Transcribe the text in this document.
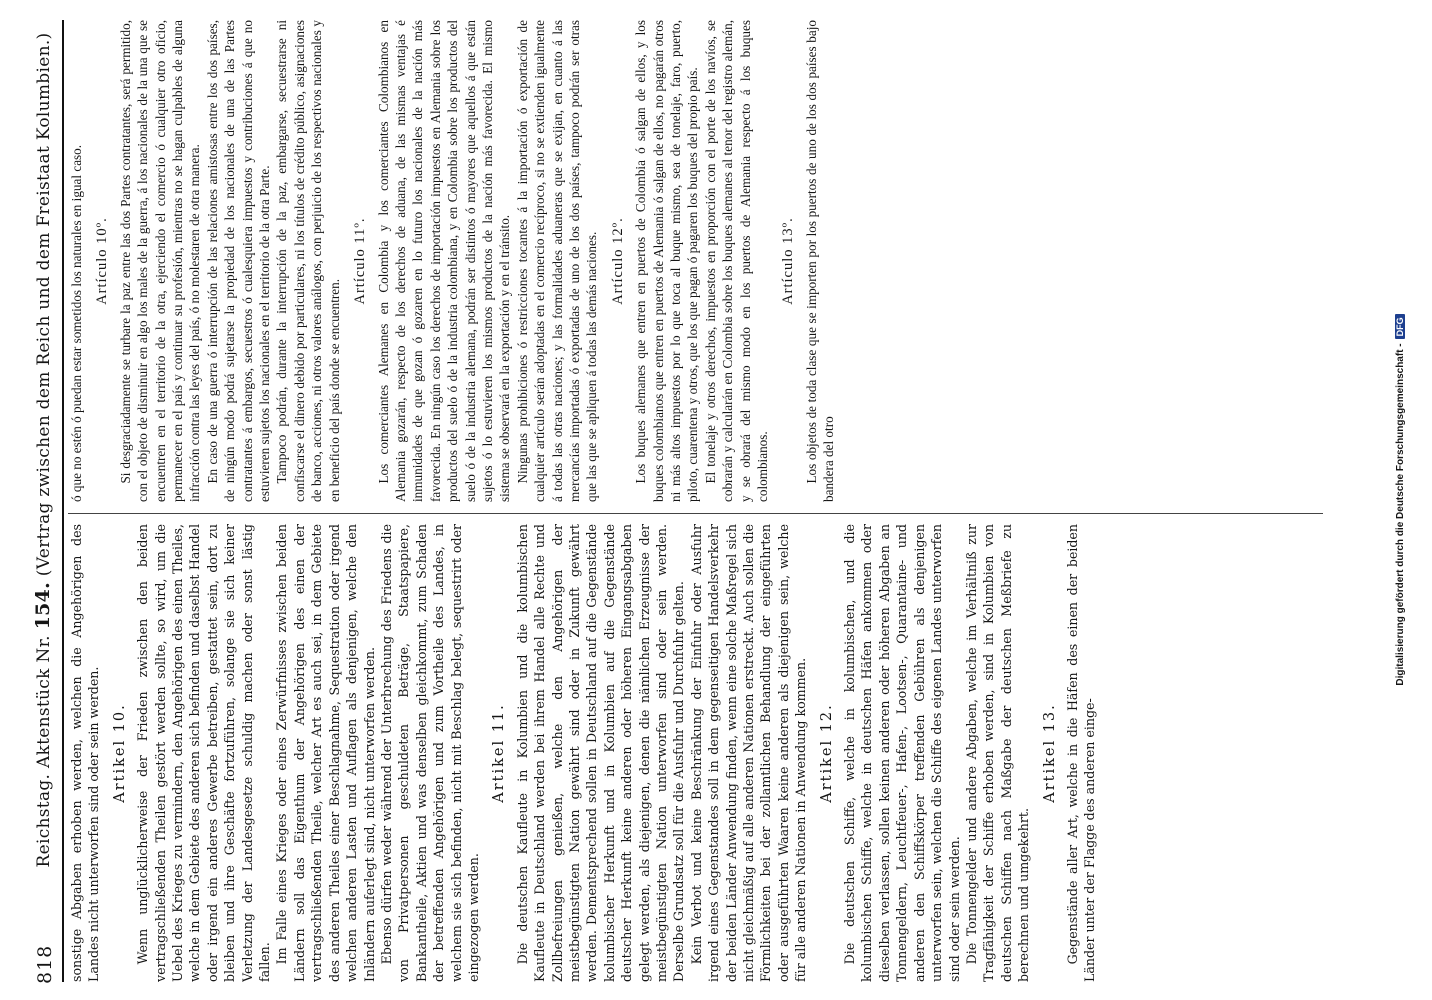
818
Reichstag. Aktenstück Nr. 154. (Vertrag zwischen dem Reich und dem Freistaat Kolumbien.)

sonstige Abgaben erhoben werden, welchen die Angehörigen des Landes nicht unterworfen sind oder sein werden. Artikel 10. Wenn unglücklicherweise der Frieden zwischen den beiden vertragschließenden Theilen gestört werden sollte, so wird, um die Uebel des Krieges zu vermindern, den Angehörigen des einen Theiles, welche in dem Gebiete des anderen sich befinden und daselbst Handel oder irgend ein anderes Gewerbe betreiben, gestattet sein, dort zu bleiben und ihre Geschäfte fortzuführen, solange sie sich keiner Verletzung der Landesgesetze schuldig machen oder sonst lästig fallen. Im Falle eines Krieges oder eines Zerwürfnisses zwischen beiden Ländern soll das Eigenthum der Angehörigen des einen der vertragschließenden Theile, welcher Art es auch sei, in dem Gebiete des anderen Theiles einer Beschlagnahme, Sequestration oder irgend welchen anderen Lasten und Auflagen als denjenigen, welche den Inländern auferlegt sind, nicht unterworfen werden. Ebenso dürfen weder während der Unterbrechung des Friedens die von Privatpersonen geschuldeten Beträge, Staatspapiere, Bankantheile, Aktien und was denselben gleichkommt, zum Schaden der betreffenden Angehörigen und zum Vortheile des Landes, in welchem sie sich befinden, nicht mit Beschlag belegt, sequestrirt oder eingezogen werden.

Artikel 11. Die deutschen Kaufleute in Kolumbien und die kolumbischen Kaufleute in Deutschland werden bei ihrem Handel alle Rechte und Zollbefreiungen genießen, welche den Angehörigen der meistbegünstigten Nation gewährt sind oder in Zukunft gewährt werden. Dementsprechend sollen in Deutschland auf die Gegenstände kolumbischer Herkunft und in Kolumbien auf die Gegenstände deutscher Herkunft keine anderen oder höheren Eingangsabgaben gelegt werden, als diejenigen, denen die nämlichen Erzeugnisse der meistbegünstigten Nation unterworfen sind oder sein werden. Derselbe Grundsatz soll für die Ausfuhr und Durchfuhr gelten. Kein Verbot und keine Beschränkung der Einfuhr oder Ausfuhr irgend eines Gegenstandes soll in dem gegenseitigen Handelsverkehr der beiden Länder Anwendung finden, wenn eine solche Maßregel sich nicht gleichmäßig auf alle anderen Nationen erstreckt. Auch sollen die Förmlichkeiten bei der zollamtlichen Behandlung der eingeführten oder ausgeführten Waaren keine anderen als diejenigen sein, welche für alle anderen Nationen in Anwendung kommen. Artikel 12. Die deutschen Schiffe, welche in kolumbischen, und die kolumbischen Schiffe, welche in deutschen Häfen ankommen oder dieselben verlassen, sollen keinen anderen oder höheren Abgaben an Tonnengeldern, Leuchtfeuer-, Hafen-, Lootsen-, Quarantaine- und anderen den Schiffskörper treffenden Gebühren als denjenigen unterworfen sein, welchen die Schiffe des eigenen Landes unterworfen sind oder sein werden. Die Tonnengelder und andere Abgaben, welche im Verhältniß zur Tragfähigkeit der Schiffe erhoben werden, sind in Kolumbien von deutschen Schiffen nach Maßgabe der deutschen Meßbriefe zu berechnen und umgekehrt.

Artikel 13. Gegenstände aller Art, welche in die Häfen des einen der beiden Länder unter der Flagge des anderen einge-

ó que no estén ó puedan estar sometidos los naturales en igual caso. Artículo 10º. Si desgraciadamente se turbare la paz entre las dos Partes contratantes, será permitido, con el objeto de disminuir en algo los males de la guerra, á los nacionales de la una que se encuentren en el territorio de la otra, ejerciendo el comercio ó cualquier otro oficio, permanecer en el país y continuar su profesión, mientras no se hagan culpables de alguna infracción contra las leyes del país, ó no molestaren de otra manera. En caso de una guerra ó interrupción de las relaciones amistosas entre los dos países, de ningún modo podrá sujetarse la propiedad de los nacionales de una de las Partes contratantes á embargos, secuestros ó cualesquiera impuestos y contribuciones á que no estuvieren sujetos los nacionales en el territorio de la otra Parte. Tampoco podrán, durante la interrupción de la paz, embargarse, secuestrarse ni confiscarse el dinero debido por particulares, ni los títulos de crédito público, asignaciones de banco, acciones, ni otros valores análogos, con perjuicio de los respectivos nacionales y en beneficio del país donde se encuentren.

Artículo 11º. Los comerciantes Alemanes en Colombia y los comerciantes Colombianos en Alemania gozarán, respecto de los derechos de aduana, de las mismas ventajas é inmunidades de que gozan ó gozaren en lo futuro los nacionales de la nación más favorecida. En ningún caso los derechos de importación impuestos en Alemania sobre los productos del suelo ó de la industria colombiana, y en Colombia sobre los productos del suelo ó de la industria alemana, podrán ser distintos ó mayores que aquellos á que están sujetos ó lo estuvieren los mismos productos de la nación más favorecida. El mismo sistema se observará en la exportación y en el tránsito. Ningunas prohibiciones ó restricciones tocantes á la importación ó exportación de cualquier artículo serán adoptadas en el comercio recíproco, si no se extienden igualmente á todas las otras naciones; y las formalidades aduaneras que se exijan, en cuanto á las mercancías importadas ó exportadas de uno de los dos países, tampoco podrán ser otras que las que se apliquen á todas las demás naciones. Artículo 12º. Los buques alemanes que entren en puertos de Colombia ó salgan de ellos, y los buques colombianos que entren en puertos de Alemania ó salgan de ellos, no pagarán otros ni más altos impuestos por lo que toca al buque mismo, sea de tonelaje, faro, puerto, piloto, cuarentena y otros, que los que pagan ó pagaren los buques del propio país. El tonelaje y otros derechos, impuestos en proporción con el porte de los navíos, se cobrarán y calcularán en Colombia sobre los buques alemanes al tenor del registro alemán, y se obrará del mismo modo en los puertos de Alemania respecto á los buques colombianos.

Artículo 13º. Los objetos de toda clase que se importen por los puertos de uno de los dos países bajo bandera del otro	Digitalisierung gefördert durch die Deutsche Forschungsgemeinschaft -DFG
